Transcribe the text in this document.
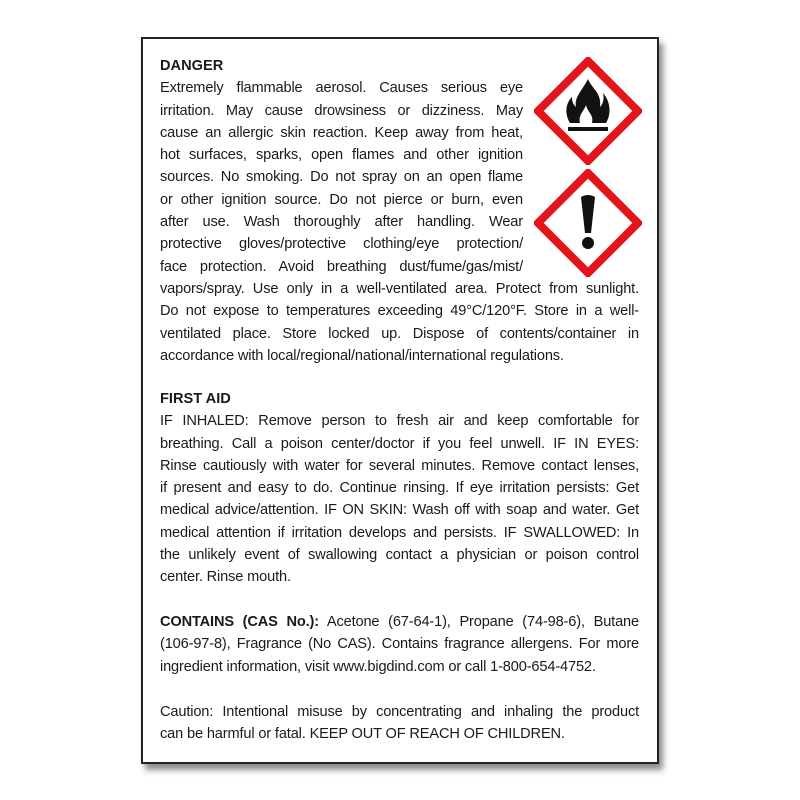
DANGER
Extremely flammable aerosol. Causes serious eye
irritation. May cause drowsiness or dizziness. May
cause an allergic skin reaction. Keep away from heat,
hot surfaces, sparks, open flames and other ignition
sources. No smoking. Do not spray on an open flame
or other ignition source. Do not pierce or burn, even
after use. Wash thoroughly after handling. Wear
protective gloves/protective clothing/eye protection/
face protection. Avoid breathing dust/fume/gas/mist/
vapors/spray. Use only in a well-ventilated area. Protect from sunlight.
Do not expose to temperatures exceeding 49°C/120°F. Store in a well-
ventilated place. Store locked up. Dispose of contents/container in
accordance with local/regional/national/international regulations.
FIRST AID
IF INHALED: Remove person to fresh air and keep comfortable for
breathing. Call a poison center/doctor if you feel unwell. IF IN EYES:
Rinse cautiously with water for several minutes. Remove contact lenses,
if present and easy to do. Continue rinsing. If eye irritation persists: Get
medical advice/attention. IF ON SKIN: Wash off with soap and water. Get
medical attention if irritation develops and persists. IF SWALLOWED: In
the unlikely event of swallowing contact a physician or poison control
center. Rinse mouth.
CONTAINS (CAS No.): Acetone (67-64-1), Propane (74-98-6), Butane
(106-97-8), Fragrance (No CAS). Contains fragrance allergens. For more
ingredient information, visit www.bigdind.com or call 1-800-654-4752.
Caution: Intentional misuse by concentrating and inhaling the product
can be harmful or fatal. KEEP OUT OF REACH OF CHILDREN.
